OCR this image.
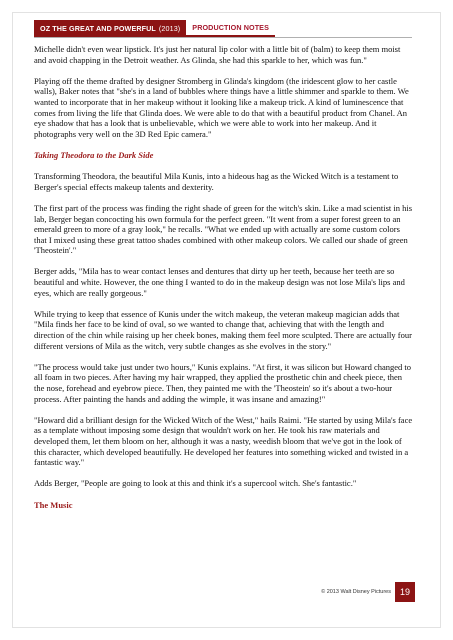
OZ THE GREAT AND POWERFUL (2013)	PRODUCTION NOTES

Michelle didn't even wear lipstick. It's just her natural lip color with a little bit of (balm) to keep them moist and avoid chapping in the Detroit weather. As Glinda, she had this sparkle to her, which was fun."

Playing off the theme drafted by designer Stromberg in Glinda's kingdom (the iridescent glow to her castle walls), Baker notes that "she's in a land of bubbles where things have a little shimmer and sparkle to them. We wanted to incorporate that in her makeup without it looking like a makeup trick. A kind of luminescence that comes from living the life that Glinda does. We were able to do that with a beautiful product from Chanel. An eye shadow that has a look that is unbelievable, which we were able to work into her makeup. And it photographs very well on the 3D Red Epic camera."

Taking Theodora to the Dark Side

Transforming Theodora, the beautiful Mila Kunis, into a hideous hag as the Wicked Witch is a testament to Berger's special effects makeup talents and dexterity.

The first part of the process was finding the right shade of green for the witch's skin. Like a mad scientist in his lab, Berger began concocting his own formula for the perfect green. "It went from a super forest green to an emerald green to more of a gray look," he recalls. "What we ended up with actually are some custom colors that I mixed using these great tattoo shades combined with other makeup colors. We called our shade of green 'Theostein'."

Berger adds, "Mila has to wear contact lenses and dentures that dirty up her teeth, because her teeth are so beautiful and white. However, the one thing I wanted to do in the makeup design was not lose Mila's lips and eyes, which are really gorgeous."

While trying to keep that essence of Kunis under the witch makeup, the veteran makeup magician adds that "Mila finds her face to be kind of oval, so we wanted to change that, achieving that with the length and direction of the chin while raising up her cheek bones, making them feel more sculpted. There are actually four different versions of Mila as the witch, very subtle changes as she evolves in the story."

"The process would take just under two hours," Kunis explains. "At first, it was silicon but Howard changed to all foam in two pieces. After having my hair wrapped, they applied the prosthetic chin and cheek piece, then the nose, forehead and eyebrow piece. Then, they painted me with the 'Theostein' so it's about a two-hour process. After painting the hands and adding the wimple, it was insane and amazing!"

"Howard did a brilliant design for the Wicked Witch of the West," hails Raimi. "He started by using Mila's face as a template without imposing some design that wouldn't work on her. He took his raw materials and developed them, let them bloom on her, although it was a nasty, weedish bloom that we've got in the look of this character, which developed beautifully. He developed her features into something wicked and twisted in a fantastic way."

Adds Berger, "People are going to look at this and think it's a supercool witch. She's fantastic."

The Music
© 2013 Walt Disney Pictures 19
